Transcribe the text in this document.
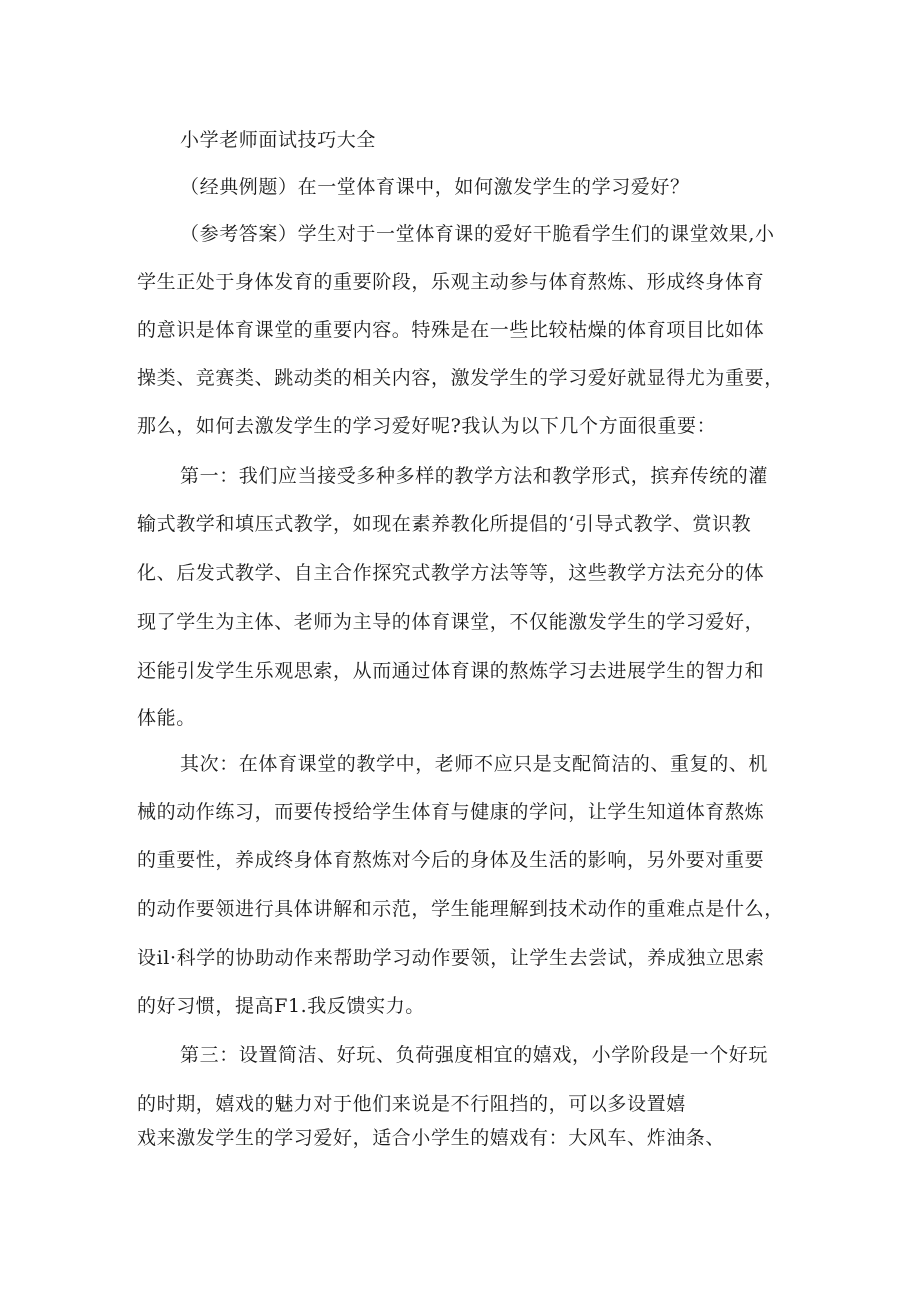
小学老师面试技巧大全
（经典例题）在一堂体育课中，如何激发学生的学习爱好？
（参考答案）学生对于一堂体育课的爱好干脆看学生们的课堂效果,小
学生正处于身体发育的重要阶段，乐观主动参与体育熬炼、形成终身体育
的意识是体育课堂的重要内容。特殊是在一些比较枯燥的体育项目比如体
操类、竞赛类、跳动类的相关内容，激发学生的学习爱好就显得尤为重要，
那么，如何去激发学生的学习爱好呢?我认为以下几个方面很重要：
第一：我们应当接受多种多样的教学方法和教学形式，摈弃传统的灌
输式教学和填压式教学，如现在素养教化所提倡的‘引导式教学、赏识教
化、后发式教学、自主合作探究式教学方法等等，这些教学方法充分的体
现了学生为主体、老师为主导的体育课堂，不仅能激发学生的学习爱好，
还能引发学生乐观思索，从而通过体育课的熬炼学习去进展学生的智力和
体能。
其次：在体育课堂的教学中，老师不应只是支配简洁的、重复的、机
械的动作练习，而要传授给学生体育与健康的学问，让学生知道体育熬炼
的重要性，养成终身体育熬炼对今后的身体及生活的影响，另外要对重要
的动作要领进行具体讲解和示范，学生能理解到技术动作的重难点是什么，
设il·科学的协助动作来帮助学习动作要领，让学生去尝试，养成独立思索
的好习惯，提高F1.我反馈实力。
第三：设置简洁、好玩、负荷强度相宜的嬉戏，小学阶段是一个好玩
的时期，嬉戏的魅力对于他们来说是不行阻挡的，可以多设置嬉
戏来激发学生的学习爱好，适合小学生的嬉戏有：大风车、炸油条、
